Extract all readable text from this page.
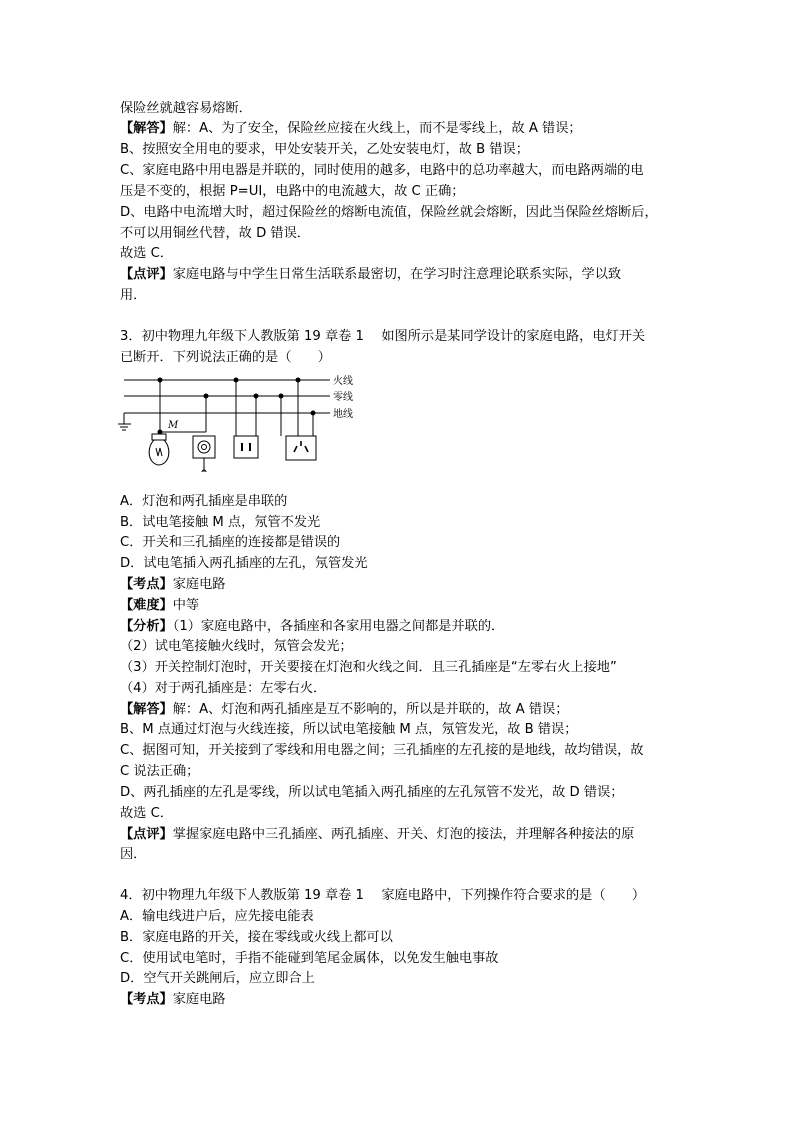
保险丝就越容易熔断．
【解答】解：A、为了安全，保险丝应接在火线上，而不是零线上，故 A 错误；
B、按照安全用电的要求，甲处安装开关，乙处安装电灯，故 B 错误；
C、家庭电路中用电器是并联的，同时使用的越多，电路中的总功率越大，而电路两端的电
压是不变的，根据 P=UI，电路中的电流越大，故 C 正确；
D、电路中电流增大时，超过保险丝的熔断电流值，保险丝就会熔断，因此当保险丝熔断后，
不可以用铜丝代替，故 D 错误．
故选 C．
【点评】家庭电路与中学生日常生活联系最密切，在学习时注意理论联系实际，学以致
用．
3．初中物理九年级下人教版第 19 章卷 1　 如图所示是某同学设计的家庭电路，电灯开关
已断开．下列说法正确的是（　　）
火线
零线
地线
M
A．灯泡和两孔插座是串联的
B．试电笔接触 M 点，氖管不发光
C．开关和三孔插座的连接都是错误的
D．试电笔插入两孔插座的左孔，氖管发光
【考点】家庭电路
【难度】中等
【分析】（1）家庭电路中，各插座和各家用电器之间都是并联的．
（2）试电笔接触火线时，氖管会发光；
（3）开关控制灯泡时，开关要接在灯泡和火线之间．且三孔插座是“左零右火上接地”
（4）对于两孔插座是：左零右火．
【解答】解：A、灯泡和两孔插座是互不影响的，所以是并联的，故 A 错误；
B、M 点通过灯泡与火线连接，所以试电笔接触 M 点，氖管发光，故 B 错误；
C、据图可知，开关接到了零线和用电器之间；三孔插座的左孔接的是地线，故均错误，故
C 说法正确；
D、两孔插座的左孔是零线，所以试电笔插入两孔插座的左孔氖管不发光，故 D 错误；
故选 C．
【点评】掌握家庭电路中三孔插座、两孔插座、开关、灯泡的接法，并理解各种接法的原
因．
4．初中物理九年级下人教版第 19 章卷 1　 家庭电路中，下列操作符合要求的是（　　）
A．输电线进户后，应先接电能表
B．家庭电路的开关，接在零线或火线上都可以
C．使用试电笔时，手指不能碰到笔尾金属体，以免发生触电事故
D．空气开关跳闸后，应立即合上
【考点】家庭电路
